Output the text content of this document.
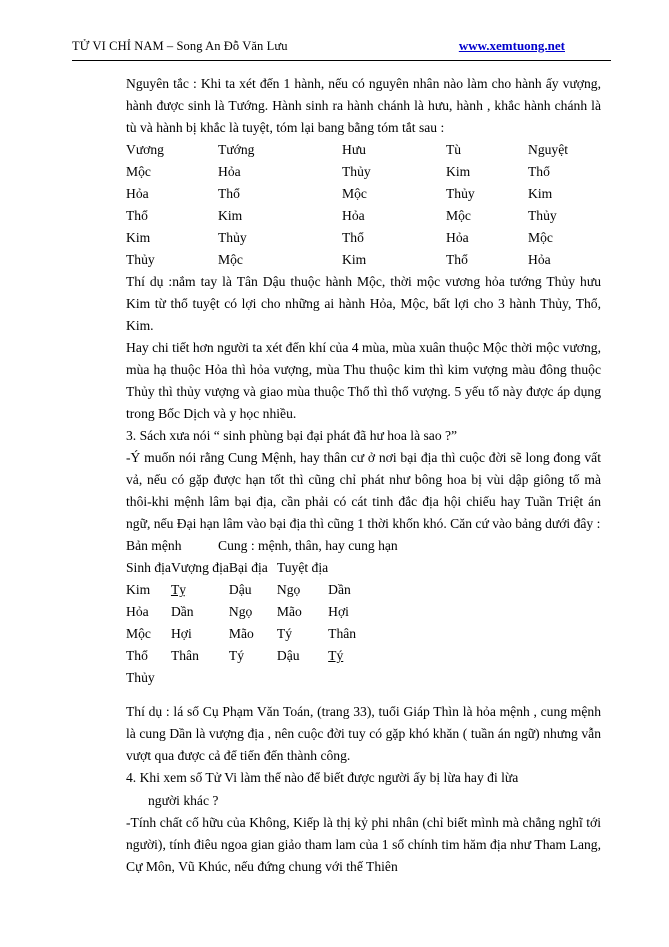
TỬ VI CHỈ NAM – Song An Đỗ Văn Lưu	www.xemtuong.net

Nguyên tắc : Khi ta xét đến 1 hành, nếu có nguyên nhân nào làm cho hành ấy vượng, hành được sinh là Tướng. Hành sinh ra hành chánh là hưu, hành , khắc hành chánh là tù và hành bị khắc là tuyệt, tóm lại bang bằng tóm tắt sau :

Vương	Tướng	Hưu	Tù	Nguyệt
Mộc	Hỏa	Thủy	Kim	Thổ
Hỏa	Thổ	Mộc	Thủy	Kim
Thổ	Kim	Hỏa	Mộc	Thủy
Kim	Thủy	Thổ	Hỏa	Mộc
Thủy	Mộc	Kim	Thổ	Hỏa

Thí dụ :nắm tay là Tân Dậu thuộc hành Mộc, thời mộc vương hỏa tướng Thủy hưu Kim từ thổ tuyệt có lợi cho những ai hành Hỏa, Mộc, bất lợi cho 3 hành Thủy, Thổ, Kim.

Hay chi tiết hơn người ta xét đến khí của 4 mùa, mùa xuân thuộc Mộc thời mộc vương, mùa hạ thuộc Hỏa thì hỏa vượng, mùa Thu thuộc kim thì kim vượng màu đông thuộc Thủy thì thủy vượng và giao mùa thuộc Thổ thì thổ vượng. 5 yếu tố này được áp dụng trong Bốc Dịch và y học nhiều.

3. Sách xưa nói “ sinh phùng bại đại phát đã hư hoa là sao ?”

-Ý muốn nói rằng Cung Mệnh, hay thân cư ở nơi bại địa thì cuộc đời sẽ long đong vất vả, nếu có gặp được hạn tốt thì cũng chỉ phát như bông hoa bị vùi dập giông tố mà thôi-khi mệnh lâm bại địa, cần phải có cát tinh đắc địa hội chiếu hay Tuần Triệt án ngữ, nếu Đại hạn lâm vào bại địa thì cũng 1 thời khốn khó. Căn cứ vào bảng dưới đây :

Bản mệnh	Cung : mệnh, thân, hay cung hạn
Sinh địa	Vượng địa	Bại địa	Tuyệt địa	
Kim	Tỵ	Dậu	Ngọ	Dần
Hỏa	Dần	Ngọ	Mão	Hợi
Mộc	Hợi	Mão	Tý	Thân
Thổ	Thân	Tý	Dậu	Tý
Thủy				

Thí dụ : lá số Cụ Phạm Văn Toán, (trang 33), tuổi Giáp Thìn là hỏa mệnh , cung mệnh là cung Dần là vượng địa , nên cuộc đời tuy có gặp khó khăn ( tuần án ngữ) nhưng vẫn vượt qua được cả để tiến đến thành công.

4. Khi xem số Tử Vi làm thế nào để biết được người ấy bị lừa hay đi lừa

người khác ?

-Tính chất cố hữu của Không, Kiếp là thị kỷ phi nhân (chỉ biết mình mà chẳng nghĩ tới người), tính điêu ngoa gian giảo tham lam của 1 số chính tim hăm địa như Tham Lang, Cự Môn, Vũ Khúc, nếu đứng chung với thế Thiên
